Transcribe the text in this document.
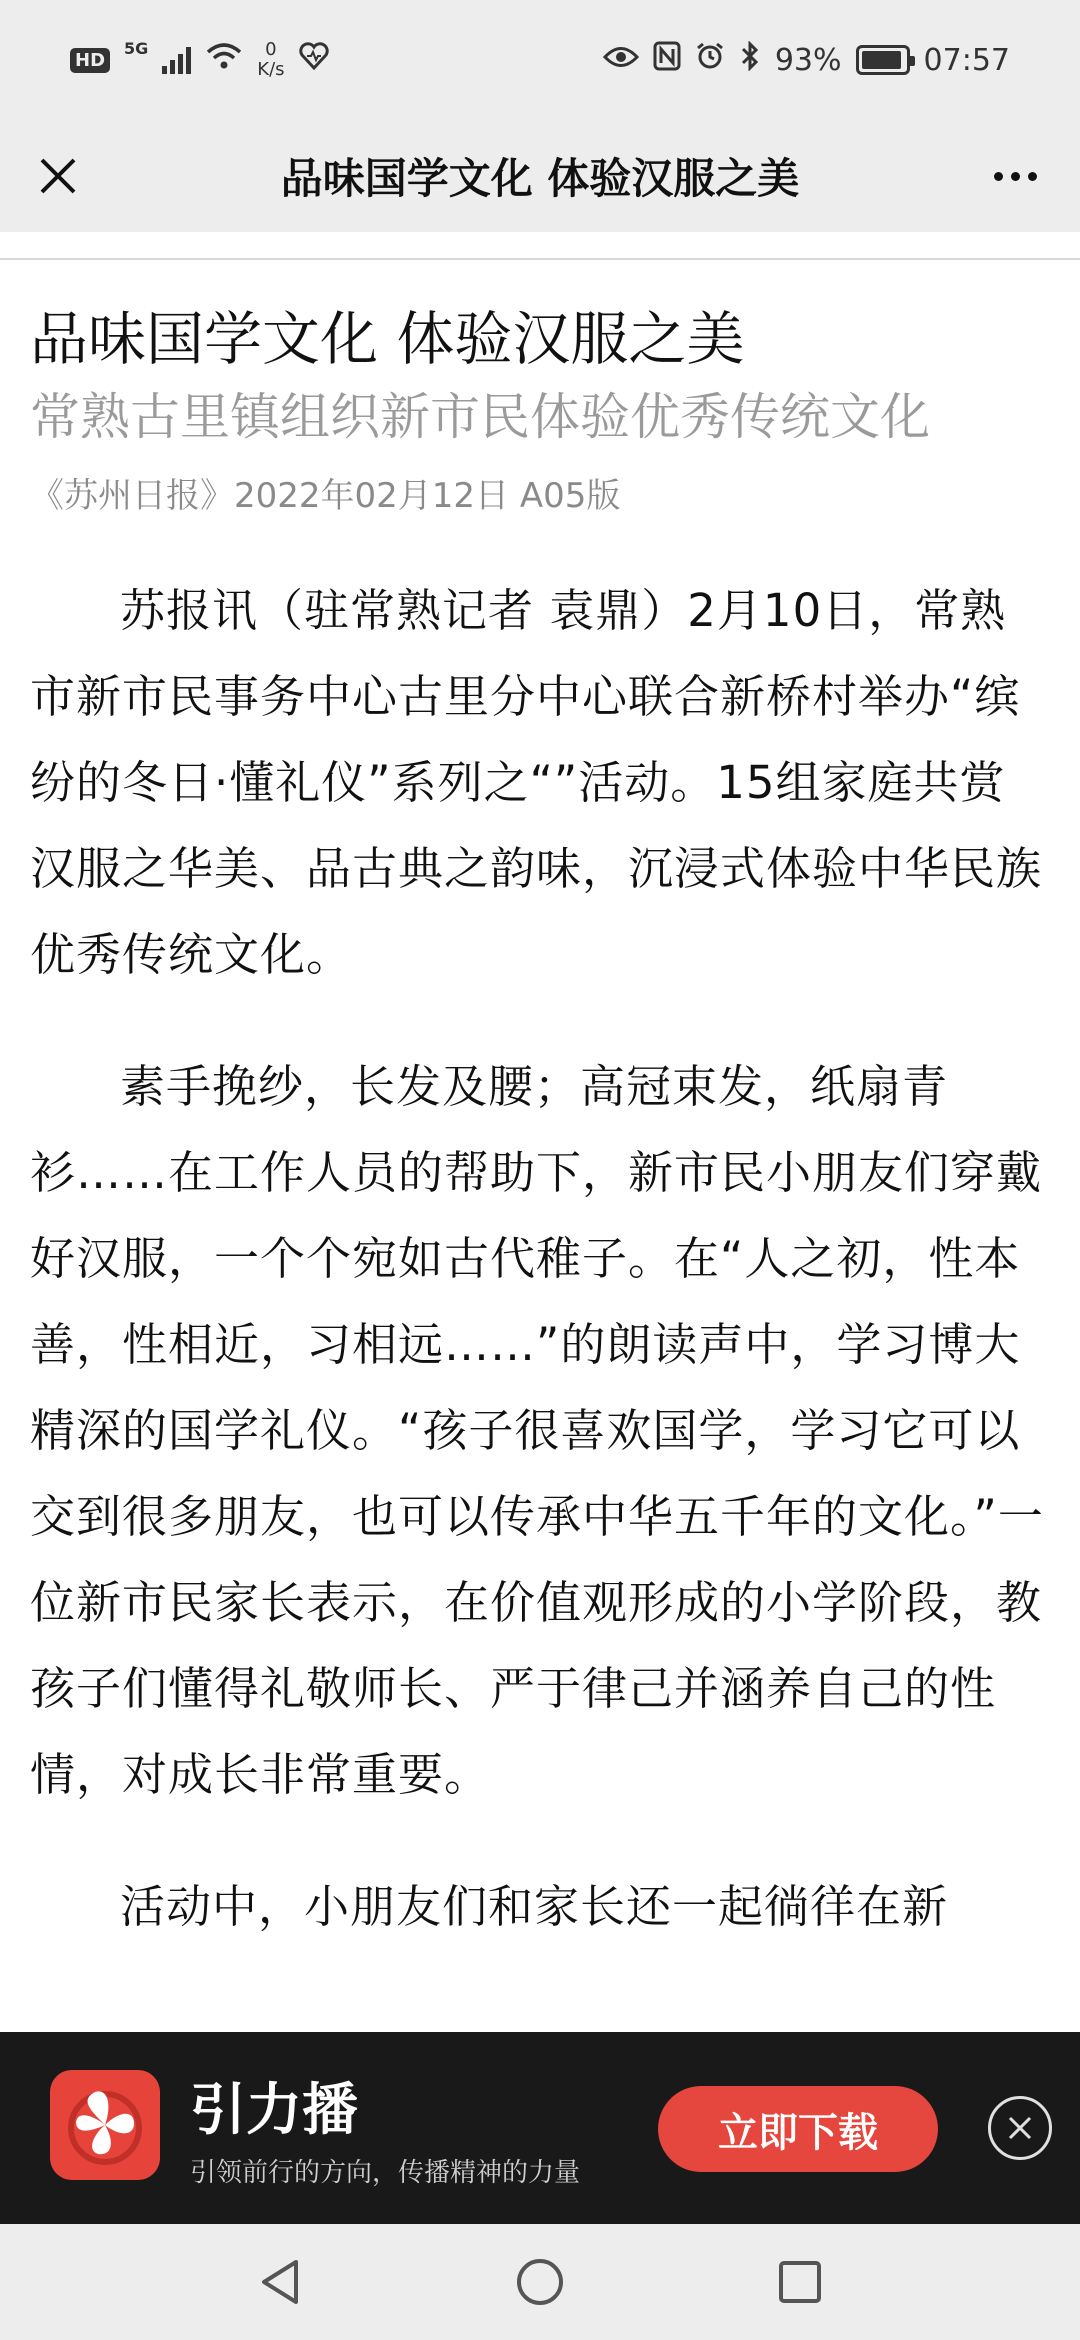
HD
5G	0
K/s	93%	07:57
品味国学文化 体验汉服之美
品味国学文化 体验汉服之美
常熟古里镇组织新市民体验优秀传统文化
《苏州日报》2022年02月12日 A05版

苏报讯（驻常熟记者 袁鼎）2月10日，常熟市新市民事务中心古里分中心联合新桥村举办“缤纷的冬日·懂礼仪”系列之“”活动。15组家庭共赏汉服之华美、品古典之韵味，沉浸式体验中华民族优秀传统文化。

素手挽纱，长发及腰；高冠束发，纸扇青衫……在工作人员的帮助下，新市民小朋友们穿戴好汉服，一个个宛如古代稚子。在“人之初，性本善，性相近，习相远……”的朗读声中，学习博大精深的国学礼仪。“孩子很喜欢国学，学习它可以交到很多朋友，也可以传承中华五千年的文化。”一位新市民家长表示，在价值观形成的小学阶段，教孩子们懂得礼敬师长、严于律己并涵养自己的性情，对成长非常重要。

活动中，小朋友们和家长还一起徜徉在新

引力播
引领前行的方向，传播精神的力量
立即下载
